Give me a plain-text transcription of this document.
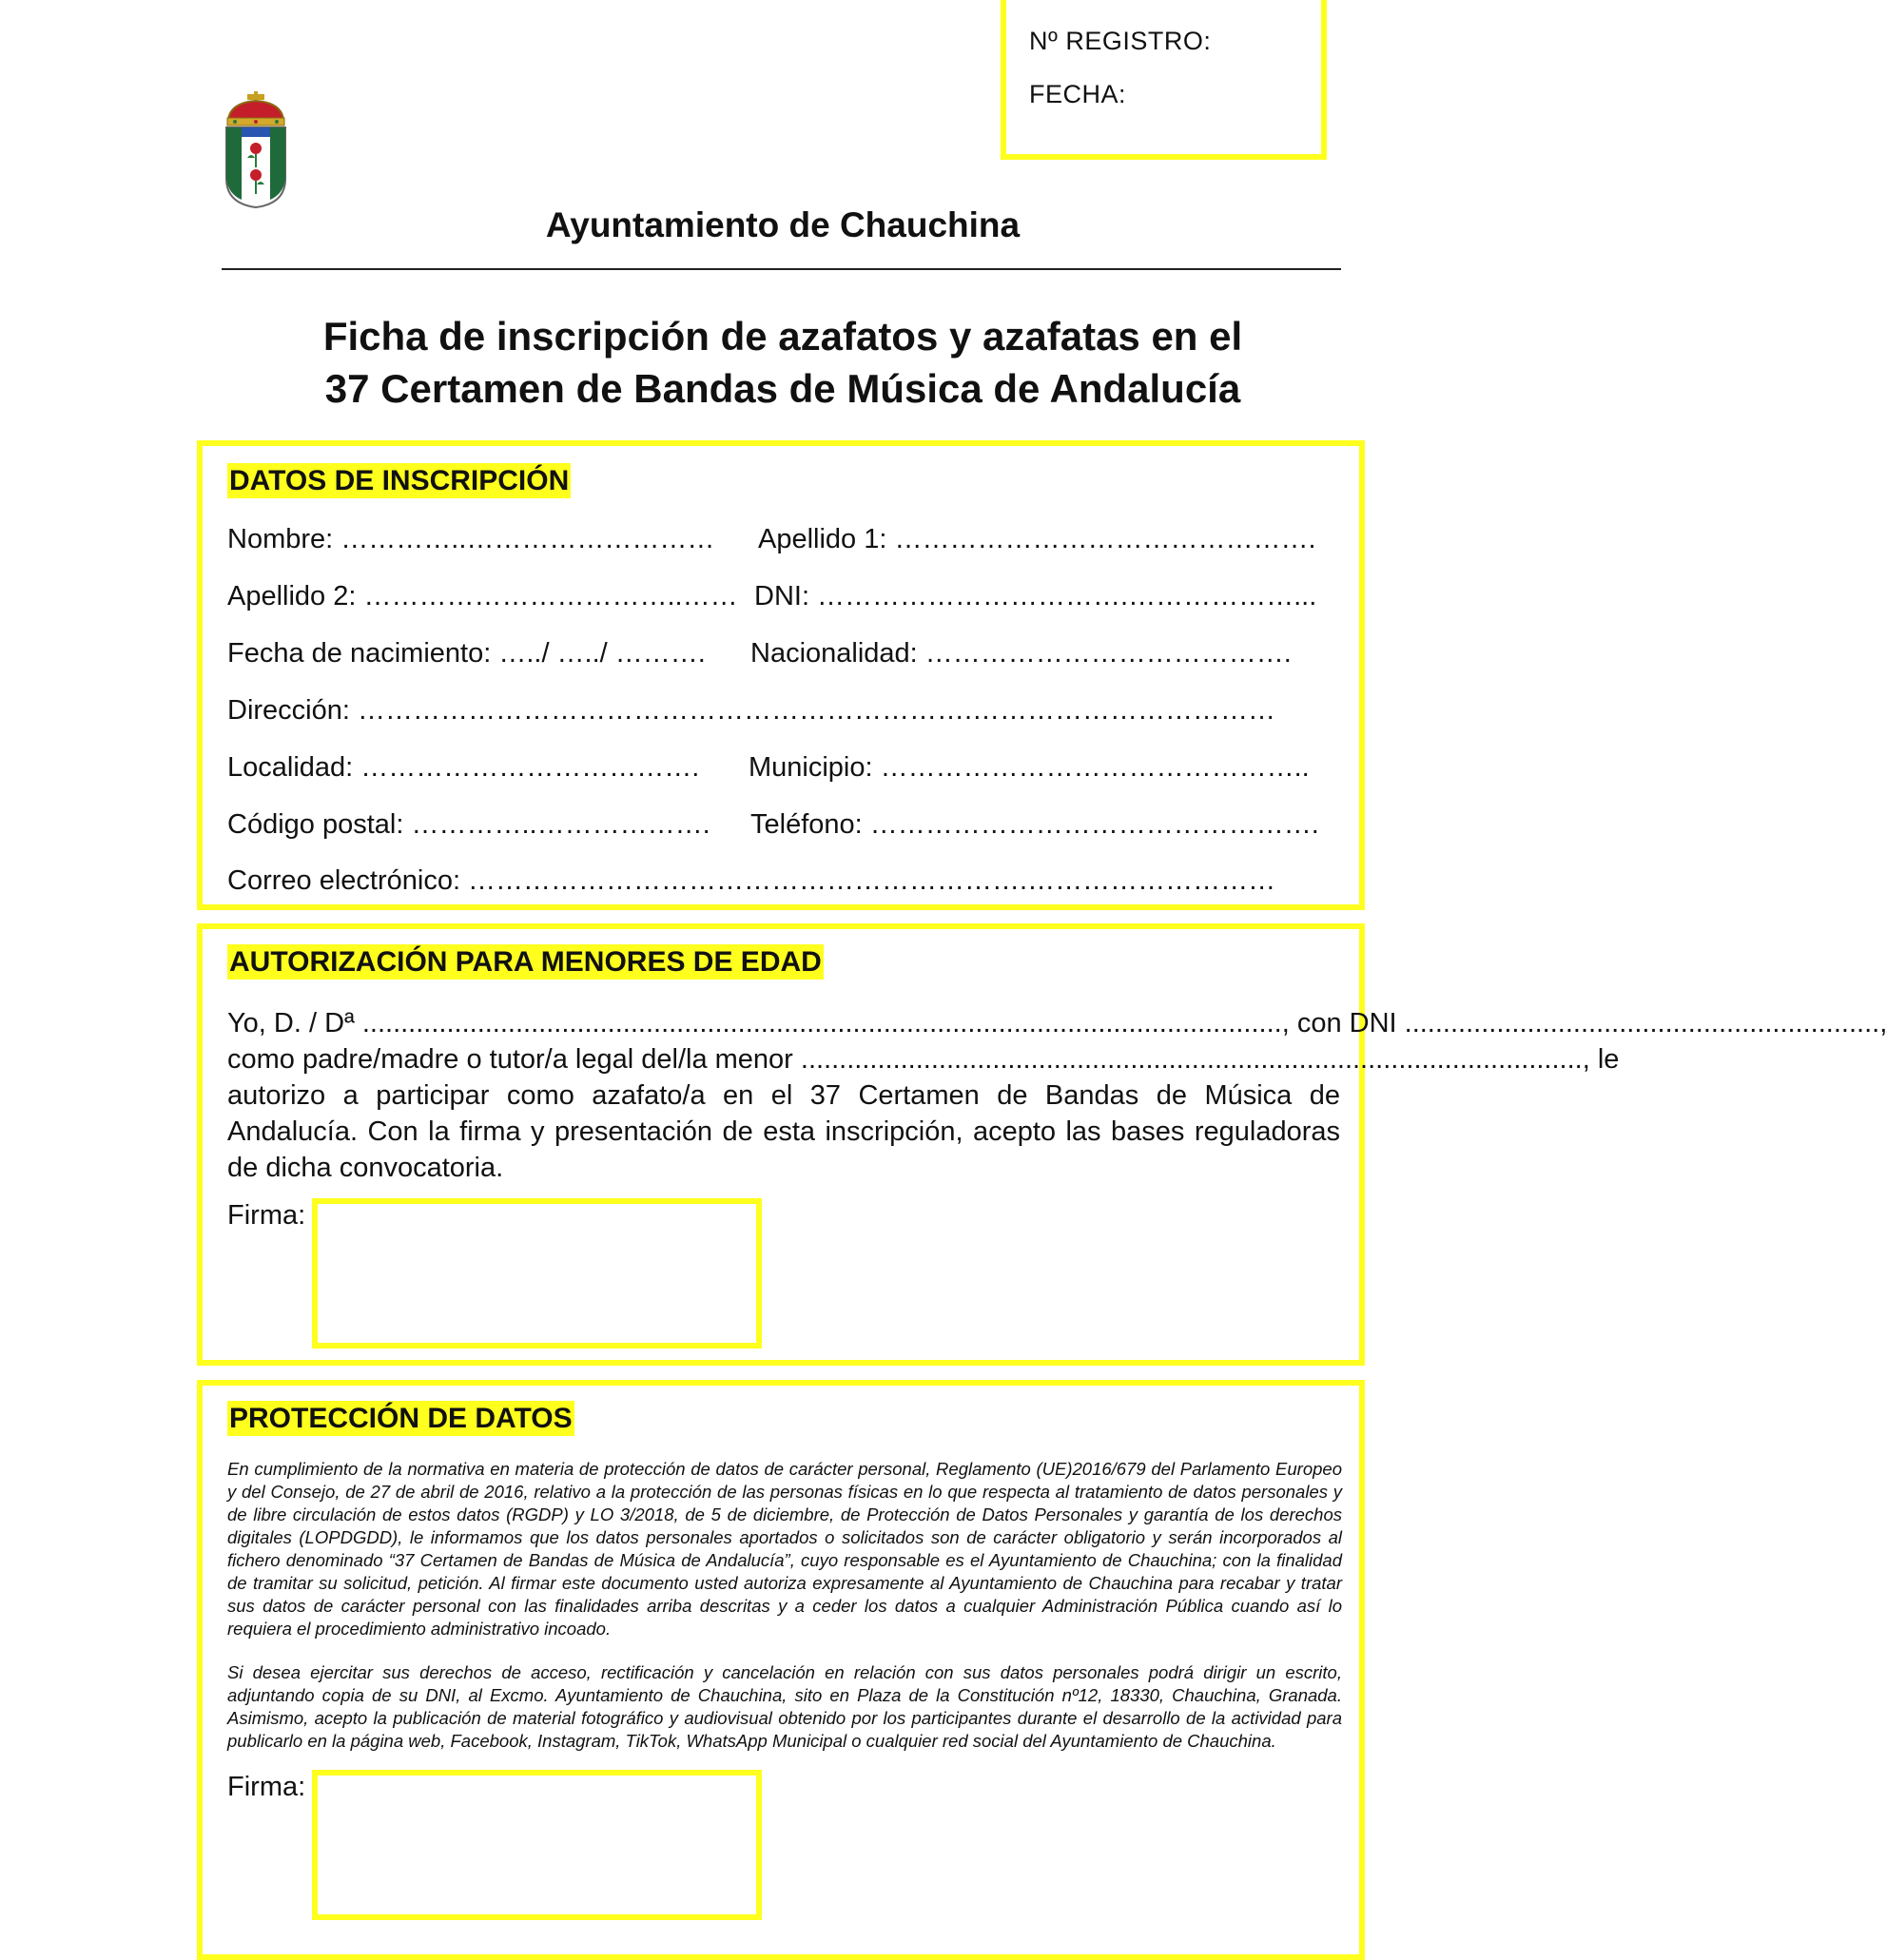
Nº REGISTRO:
FECHA:
Ayuntamiento de Chauchina
Ficha de inscripción de azafatos y azafatas en el
37 Certamen de Bandas de Música de Andalucía
DATOS DE INSCRIPCIÓN
Nombre: …………..……………………… Apellido 1: ……………………………………….
Apellido 2: ……………………………..…… DNI: …………………………….………………...
Fecha de nacimiento: …../ …../ ………. Nacionalidad: ………………………………….
Dirección: ………………………………………………………….……………………………
Localidad: ………………………………. Municipio: ………………………………………..
Código postal: …………..………………. Teléfono: ………………………………………….
Correo electrónico: …………………………………………………….………………………
AUTORIZACIÓN PARA MENORES DE EDAD
Yo, D. / Dª ........................................................................................................................ , con DNI .............................................................. ,
como padre/madre o tutor/a legal del/la menor ...................................................................................................... , le
autorizo a participar como azafato/a en el 37 Certamen de Bandas de Música de
Andalucía. Con la firma y presentación de esta inscripción, acepto las bases reguladoras
de dicha convocatoria.
Firma:
PROTECCIÓN DE DATOS
En cumplimiento de la normativa en materia de protección de datos de carácter personal, Reglamento (UE)2016/679 del Parlamento Europeo y del Consejo, de 27 de abril de 2016, relativo a la protección de las personas físicas en lo que respecta al tratamiento de datos personales y de libre circulación de estos datos (RGDP) y LO 3/2018, de 5 de diciembre, de Protección de Datos Personales y garantía de los derechos digitales (LOPDGDD), le informamos que los datos personales aportados o solicitados son de carácter obligatorio y serán incorporados al fichero denominado “37 Certamen de Bandas de Música de Andalucía”, cuyo responsable es el Ayuntamiento de Chauchina; con la finalidad de tramitar su solicitud, petición. Al firmar este documento usted autoriza expresamente al Ayuntamiento de Chauchina para recabar y tratar sus datos de carácter personal con las finalidades arriba descritas y a ceder los datos a cualquier Administración Pública cuando así lo requiera el procedimiento administrativo incoado.
Si desea ejercitar sus derechos de acceso, rectificación y cancelación en relación con sus datos personales podrá dirigir un escrito, adjuntando copia de su DNI, al Excmo. Ayuntamiento de Chauchina, sito en Plaza de la Constitución nº12, 18330, Chauchina, Granada. Asimismo, acepto la publicación de material fotográfico y audiovisual obtenido por los participantes durante el desarrollo de la actividad para publicarlo en la página web, Facebook, Instagram, TikTok, WhatsApp Municipal o cualquier red social del Ayuntamiento de Chauchina.
Firma:
